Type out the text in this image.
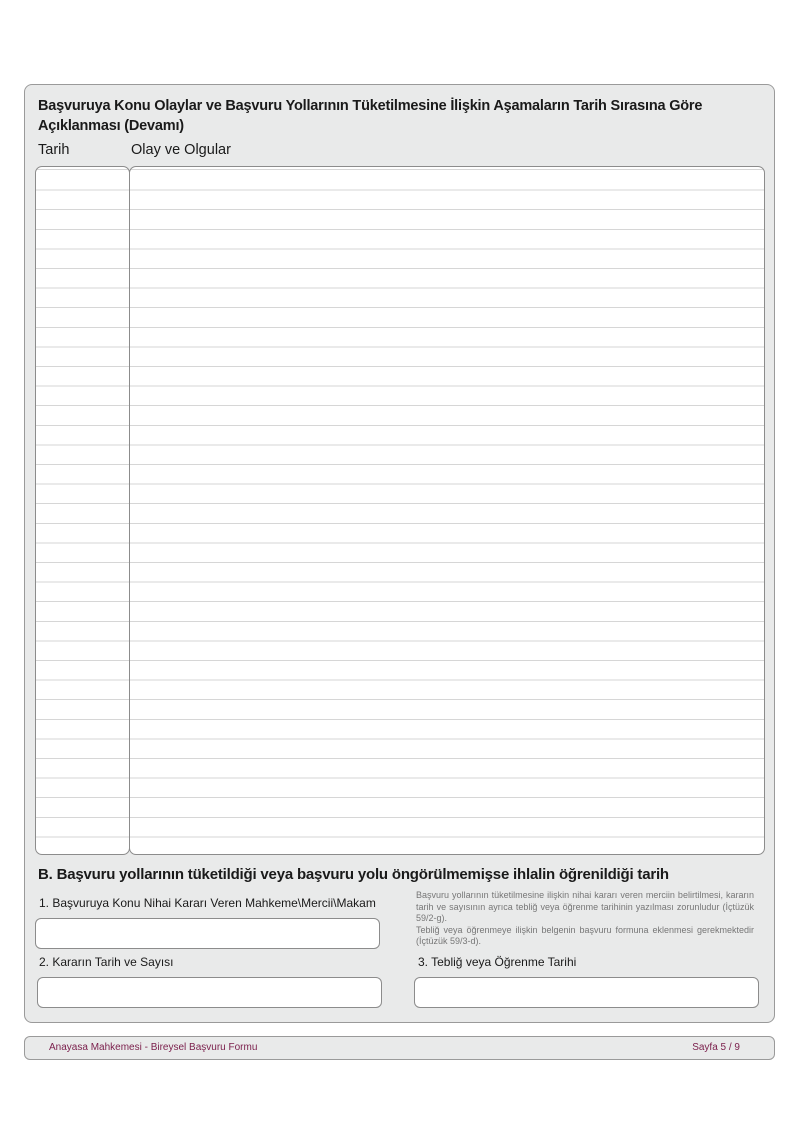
Başvuruya Konu Olaylar ve Başvuru Yollarının Tüketilmesine İlişkin Aşamaların Tarih Sırasına Göre Açıklanması (Devamı)
Tarih	Olay ve Olgular
B. Başvuru yollarının tüketildiği veya başvuru yolu öngörülmemişse ihlalin öğrenildiği tarih
1. Başvuruya Konu Nihai Kararı Veren Mahkeme\Mercii\Makam

Başvuru yollarının tüketilmesine ilişkin nihai kararı veren merciin belirtilmesi, kararın tarih ve sayısının ayrıca tebliğ veya öğrenme tarihinin yazılması zorunludur (İçtüzük 59/2-g).

Tebliğ veya öğrenmeye ilişkin belgenin başvuru formuna eklenmesi gerekmektedir (İçtüzük 59/3-d).

2. Kararın Tarih ve Sayısı	3. Tebliğ veya Öğrenme Tarihi
Anayasa Mahkemesi - Bireysel Başvuru Formu	Sayfa 5 / 9
